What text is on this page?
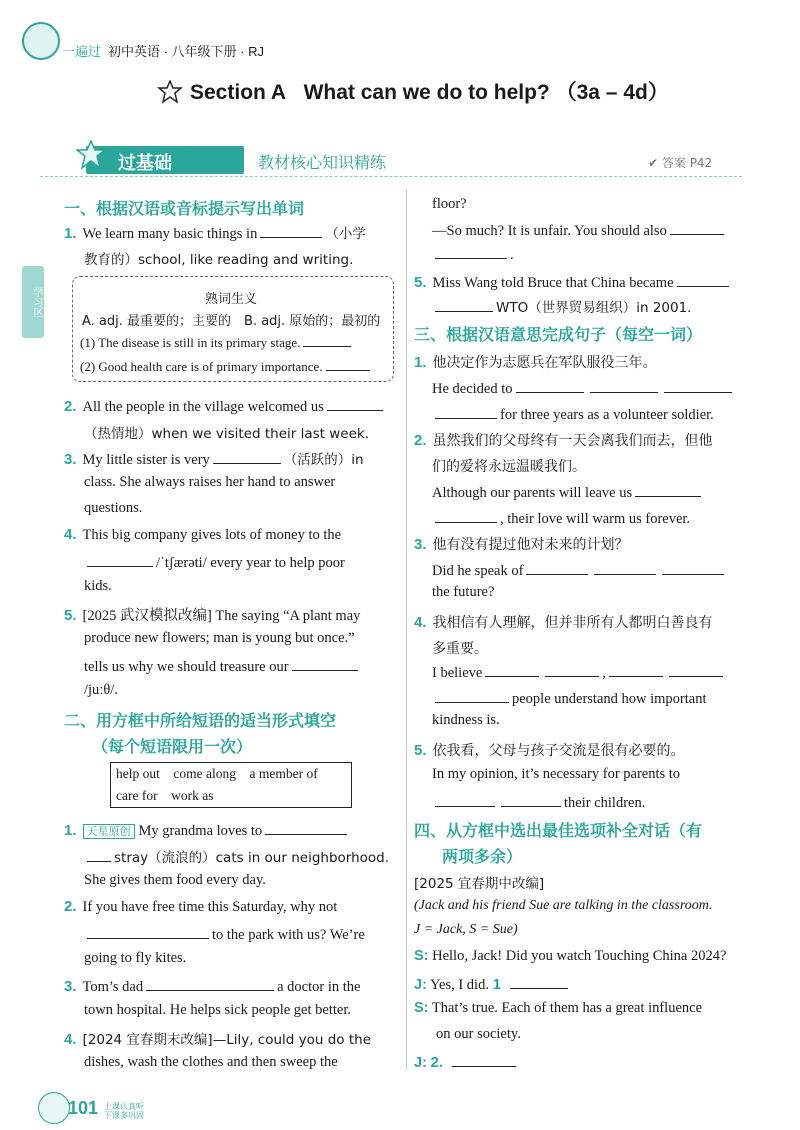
一遍过 初中英语 · 八年级下册 · RJ
Section A What can we do to help? （3a – 4d）
过基础	教材核心知识精练	✔ 答案 P42
学习区
一、根据汉语或音标提示写出单词
1. We learn many basic things in	（小学
教育的）school, like reading and writing.
熟词生义
A. adj. 最重要的；主要的　B. adj. 原始的；最初的
(1) The disease is still in its primary stage.
(2) Good health care is of primary importance.
2. All the people in the village welcomed us
（热情地）when we visited their last week.
3. My little sister is very	（活跃的）in
class. She always raises her hand to answer
questions.
4. This big company gives lots of money to the
/ˈtʃærəti/ every year to help poor
kids.
5. [2025 武汉模拟改编] The saying “A plant may
produce new flowers; man is young but once.”
tells us why we should treasure our
/juːθ/.
二、用方框中所给短语的适当形式填空
（每个短语限用一次）
help out come along a member of
care for work as
1. 天星原创 My grandma loves to
stray（流浪的）cats in our neighborhood.
She gives them food every day.
2. If you have free time this Saturday, why not
to the park with us? We’re
going to fly kites.
3. Tom’s dad	a doctor in the
town hospital. He helps sick people get better.
4. [2024 宜春期末改编]—Lily, could you do the
dishes, wash the clothes and then sweep the
floor?
—So much? It is unfair. You should also
.
5. Miss Wang told Bruce that China became
WTO（世界贸易组织）in 2001.
三、根据汉语意思完成句子（每空一词）
1. 他决定作为志愿兵在军队服役三年。
He decided to
for three years as a volunteer soldier.
2. 虽然我们的父母终有一天会离我们而去，但他
们的爱将永远温暖我们。
Although our parents will leave us
, their love will warm us forever.
3. 他有没有提过他对未来的计划？
Did he speak of
the future?
4. 我相信有人理解，但并非所有人都明白善良有
多重要。
I believe	,
people understand how important
kindness is.
5. 依我看，父母与孩子交流是很有必要的。
In my opinion, it’s necessary for parents to
their children.
四、从方框中选出最佳选项补全对话（有
两项多余）
[2025 宜春期中改编]
(Jack and his friend Sue are talking in the classroom.
J = Jack, S = Sue)
S: Hello, Jack! Did you watch Touching China 2024?
J: Yes, I did. 1
S: That’s true. Each of them has a great influence
on our society.
J: 2.
101 上课认真听 下课多巩固
